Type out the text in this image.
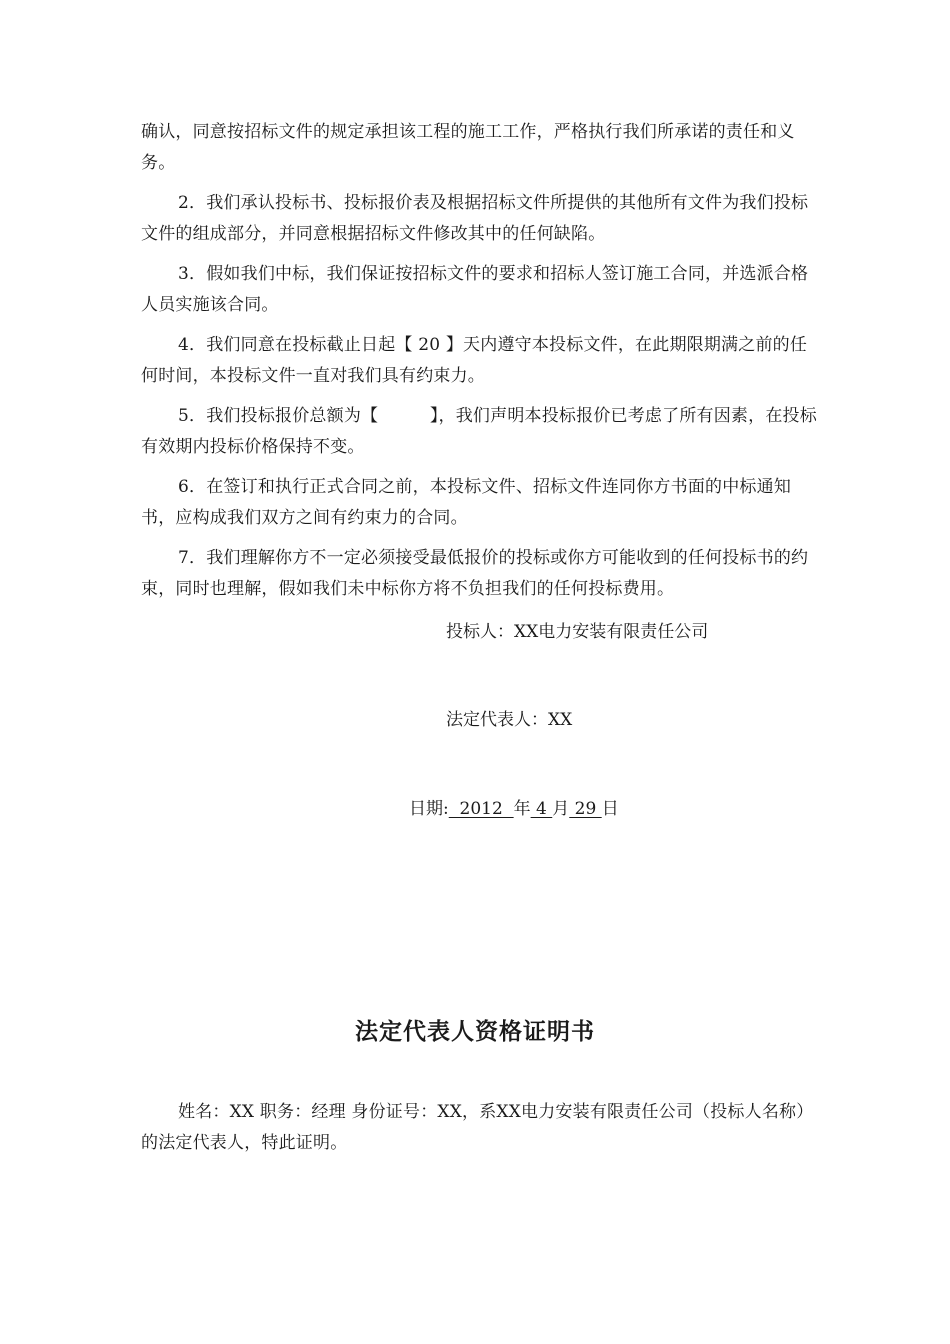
确认，同意按招标文件的规定承担该工程的施工工作，严格执行我们所承诺的责任和义务。

2．我们承认投标书、投标报价表及根据招标文件所提供的其他所有文件为我们投标文件的组成部分，并同意根据招标文件修改其中的任何缺陷。

3．假如我们中标，我们保证按招标文件的要求和招标人签订施工合同，并选派合格人员实施该合同。

4．我们同意在投标截止日起【 20 】天内遵守本投标文件，在此期限期满之前的任何时间，本投标文件一直对我们具有约束力。

5．我们投标报价总额为【　　　】，我们声明本投标报价已考虑了所有因素，在投标有效期内投标价格保持不变。

6．在签订和执行正式合同之前，本投标文件、招标文件连同你方书面的中标通知书，应构成我们双方之间有约束力的合同。

7．我们理解你方不一定必须接受最低报价的投标或你方可能收到的任何投标书的约束，同时也理解，假如我们未中标你方将不负担我们的任何投标费用。

投标人：XX电力安装有限责任公司
法定代表人：XX
日期:  2012  年 4 月 29 日
法定代表人资格证明书

姓名：XX 职务：经理 身份证号：XX，系XX电力安装有限责任公司（投标人名称）的法定代表人，特此证明。
